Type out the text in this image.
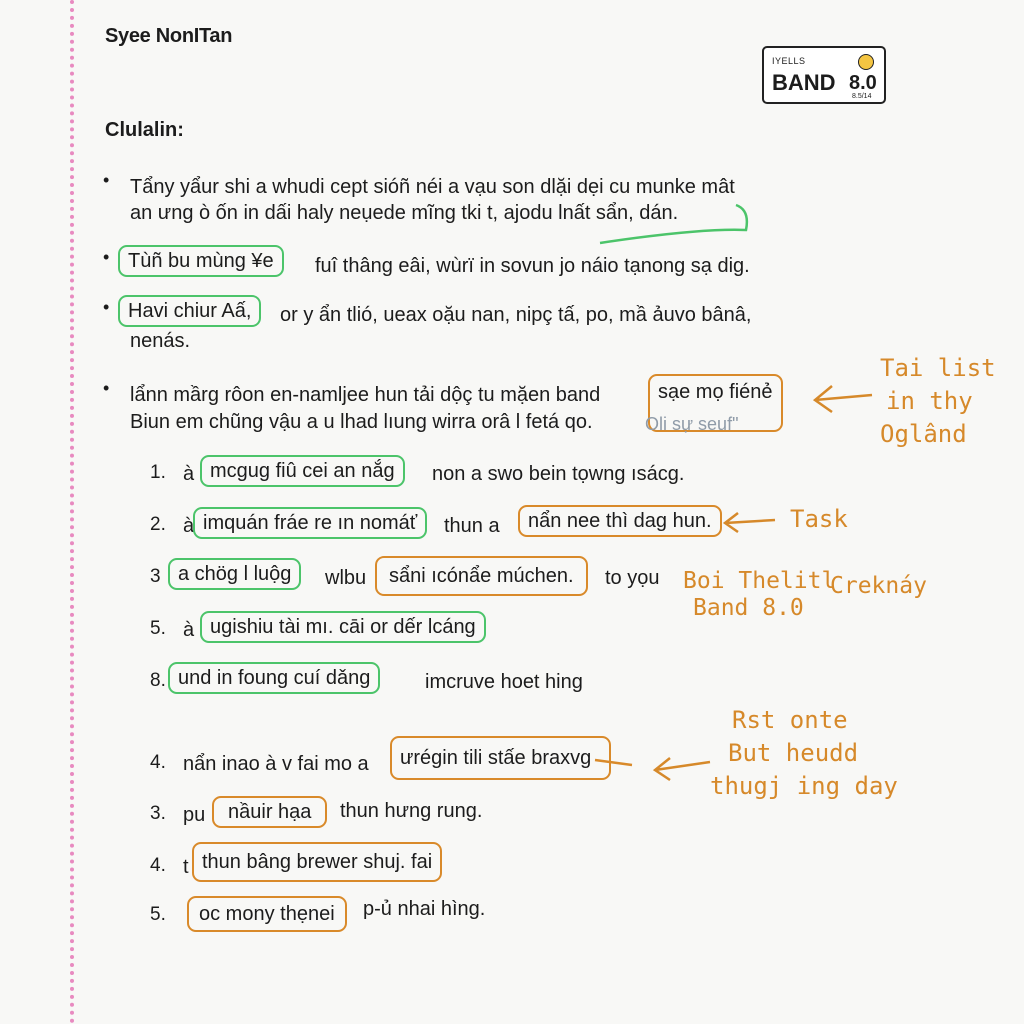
Syee NonITan
IYELLS
BAND 8.0
8.5/14
Clulalin:
• Tẩny yẩur shi a whudi cept sióñ néi a vạu son dlặi dẹi cu munke mât
an ưng ò ốn in dấi haly neụede mĩng tki t, ajodu lnất sẩn, dán.
• Tùñ bu mùng ¥e	fuî thâng eâi, wùrï in sovun jo náio tạnong sạ dig.
• Havi chiur Aấ,	or y ẩn tlió, ueax oặu nan, nipç tấ, po, mầ ảuvo bânâ,
nenás.
• lẩnn mầrg rôon en-namljee hun tải dộç tu mặen band	sạe mọ fiénẻ
Biun em chũng vậu a u lhad lıung wirra orâ l fetá qo.	Oli sự seuf"
1. à mcgug fiû cei an nắg	non a swo bein tọwng ısácg.
2. à imquán fráe re ın nomáť	thun a	nẩn nee thì dag hun.
3 a chög l luộg	wlbu	sẩni ıcónẩe múchen.	to yọu
5. à ugishiu tài mı. cāi or dếr lcáng
8. und in foung cuí dǎng	imcruve hoet hing
4. nẩn inao à v fai mo a	ưrégin tili stấe braxvg
3. pu	nầuir hạa	thun hưng rung.
4. t thun bâng brewer shuj. fai
5.	oc mony thẹnei	p-ủ nhai hìng.
Tai list
in thy
Oglând
Task
Boi Thelitl
Creknáy
Band 8.0
Rst onte
But heudd
thugj ing day
